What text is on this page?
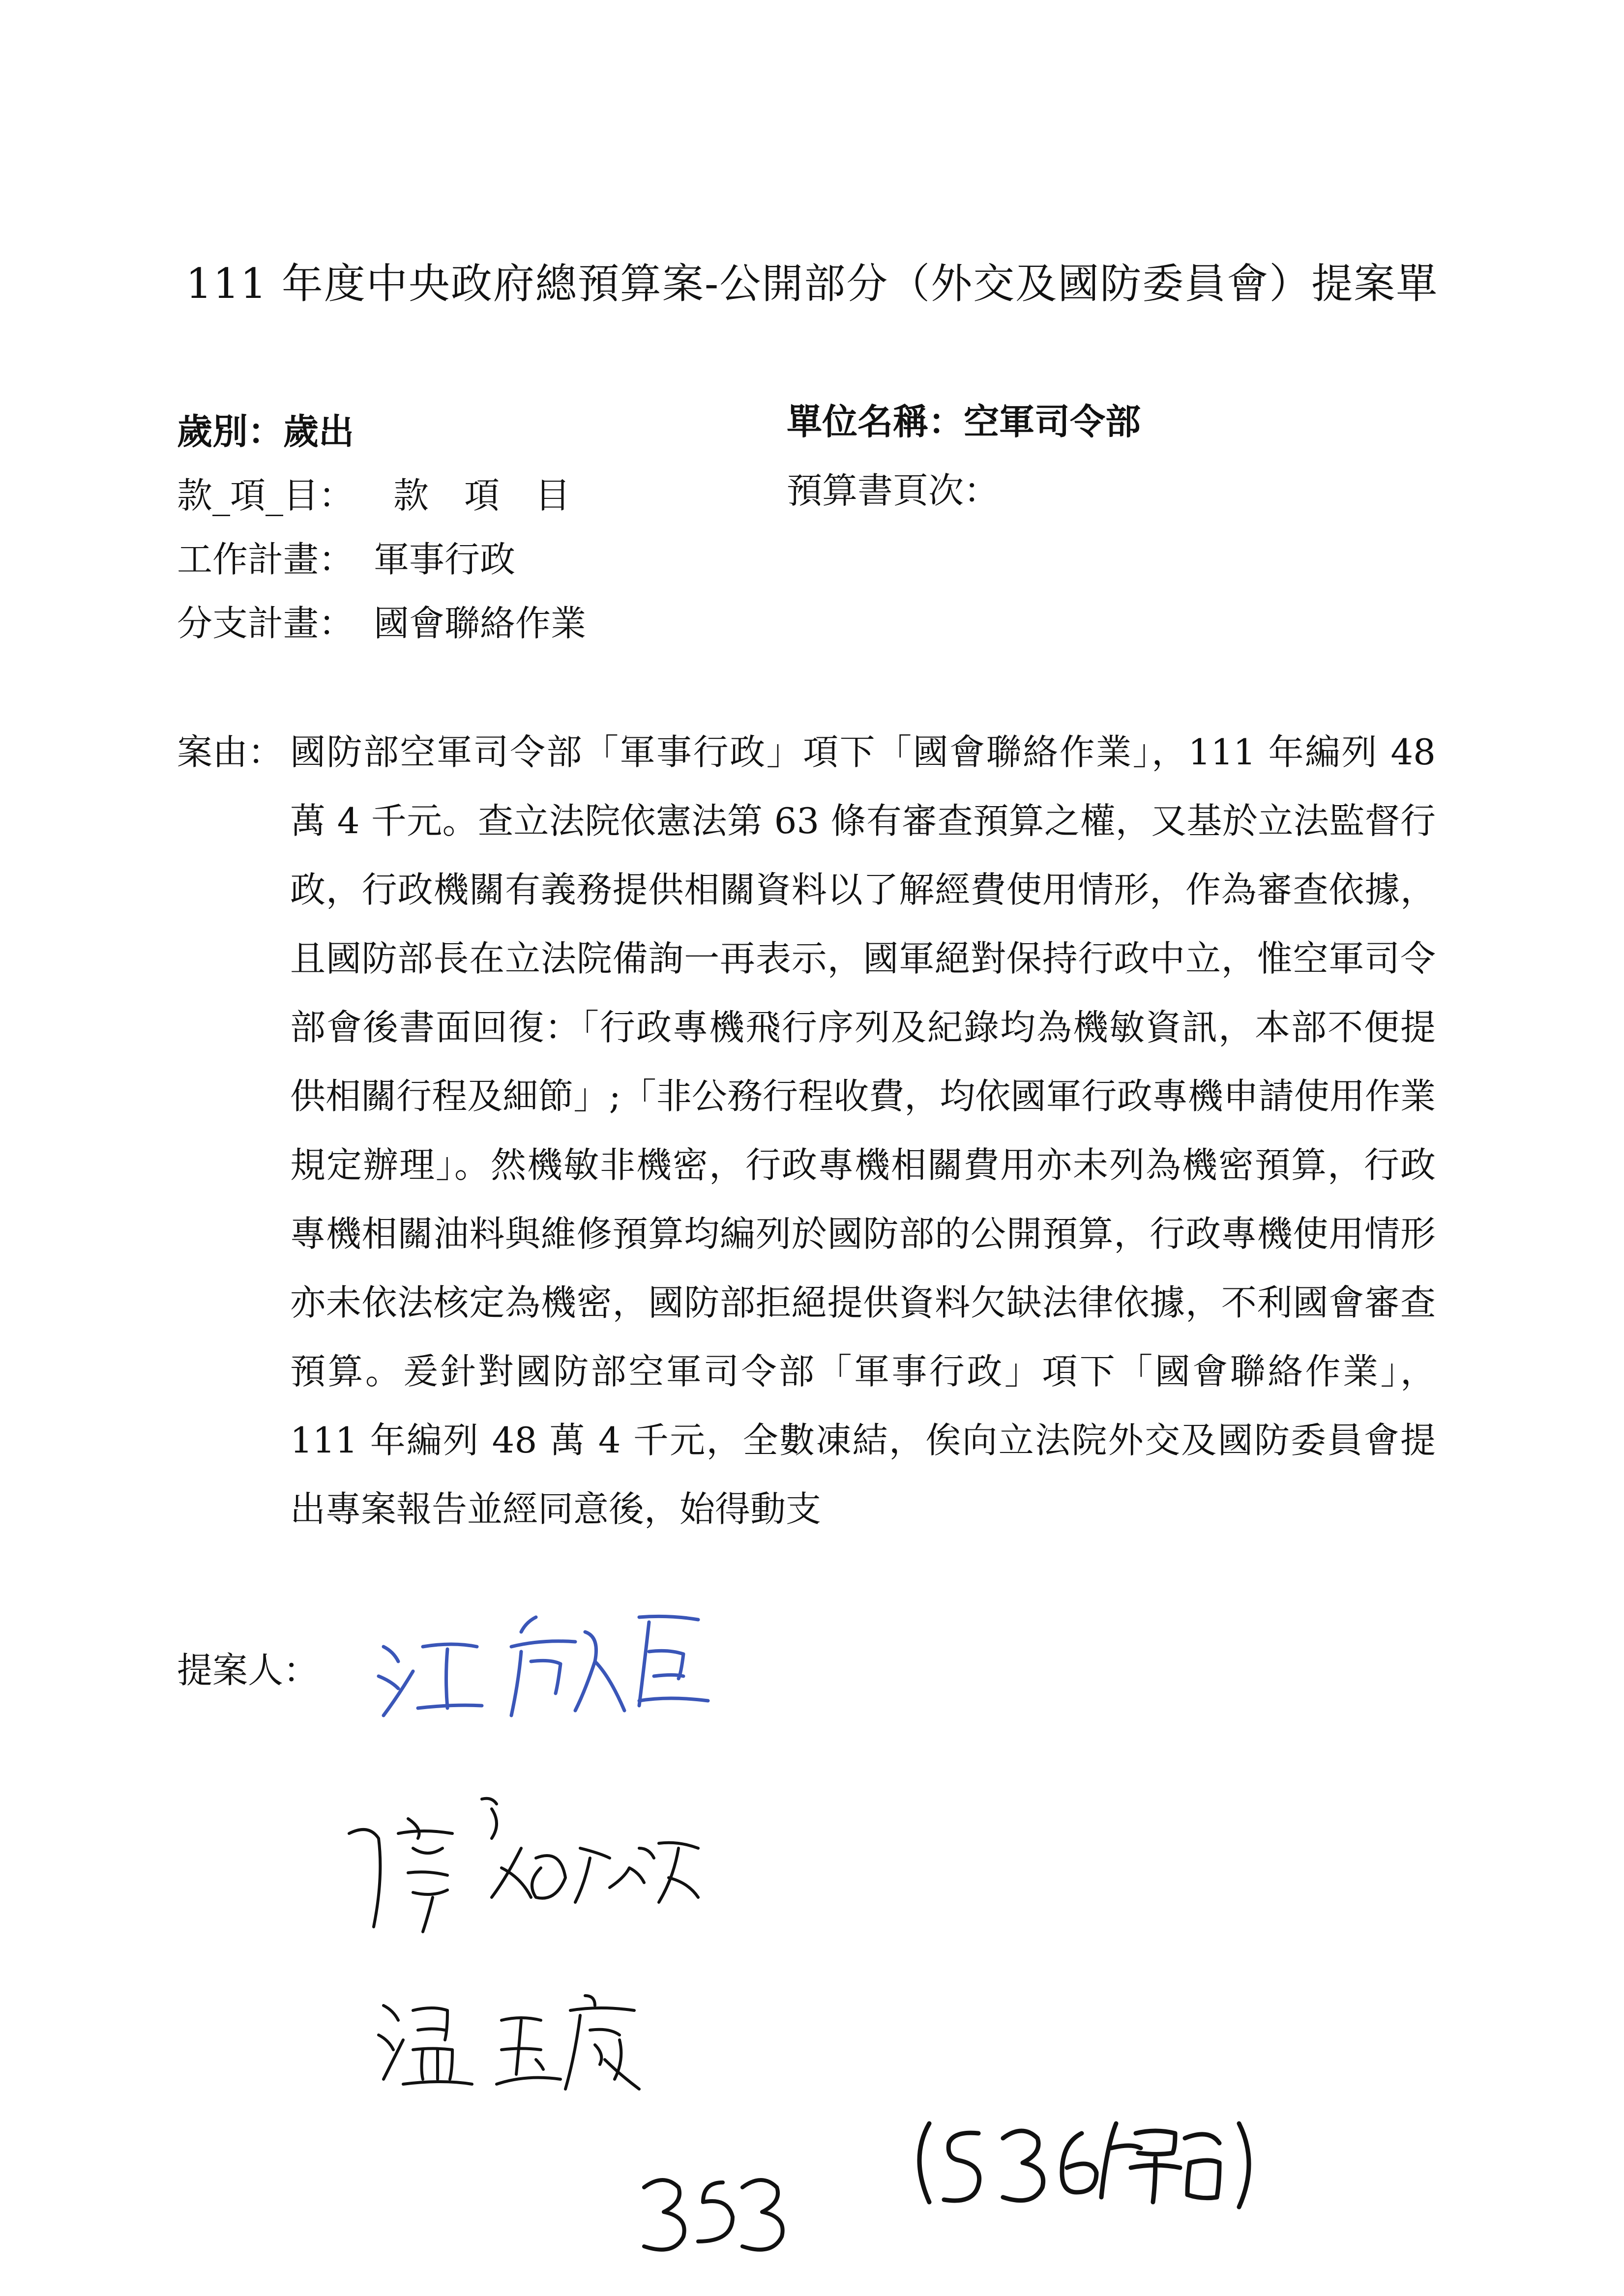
111 年度中央政府總預算案-公開部分（外交及國防委員會）提案單
歲別：歲出	單位名稱：空軍司令部
款_項_目： 款　項　目	預算書頁次：
工作計畫： 軍事行政
分支計畫： 國會聯絡作業
案由： 國防部空軍司令部「軍事行政」項下「國會聯絡作業」，111 年編列 48 萬 4 千元。查立法院依憲法第 63 條有審查預算之權，又基於立法監督行政，行政機關有義務提供相關資料以了解經費使用情形，作為審查依據，且國防部長在立法院備詢一再表示，國軍絕對保持行政中立，惟空軍司令部會後書面回復：「行政專機飛行序列及紀錄均為機敏資訊，本部不便提供相關行程及細節」;「非公務行程收費，均依國軍行政專機申請使用作業規定辦理」。然機敏非機密，行政專機相關費用亦未列為機密預算，行政專機相關油料與維修預算均編列於國防部的公開預算，行政專機使用情形亦未依法核定為機密，國防部拒絕提供資料欠缺法律依據，不利國會審查預算。爰針對國防部空軍司令部「軍事行政」項下「國會聯絡作業」，111 年編列 48 萬 4 千元，全數凍結，俟向立法院外交及國防委員會提出專案報告並經同意後，始得動支
提案人：
